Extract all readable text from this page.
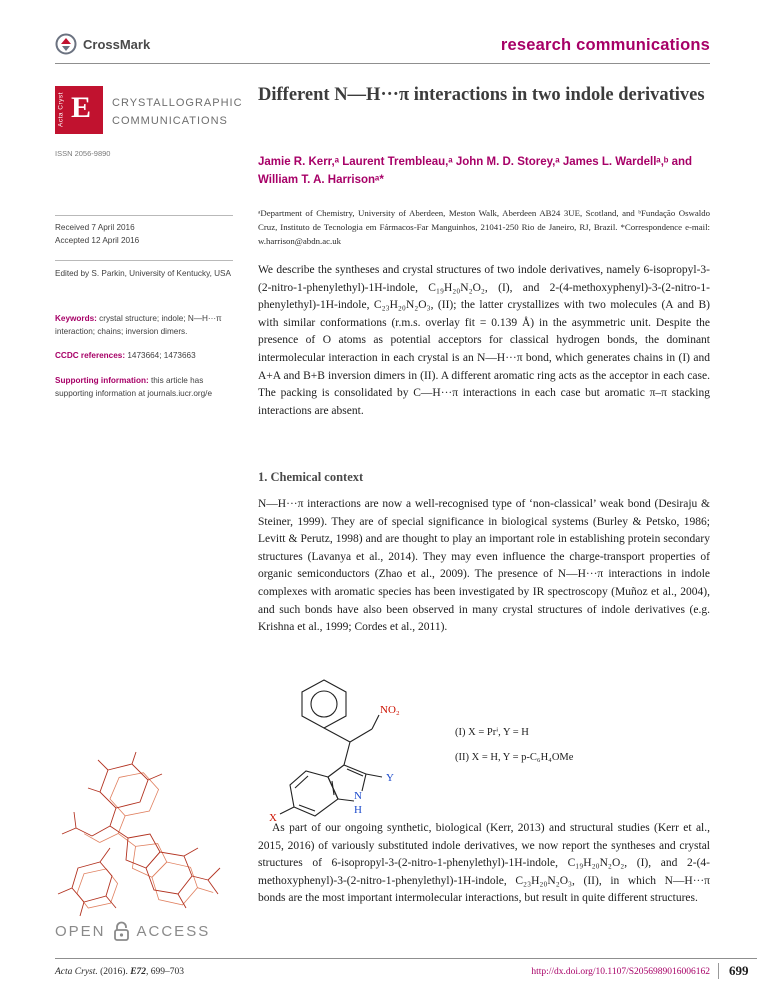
CrossMark	research communications
Acta Cryst E CRYSTALLOGRAPHIC
COMMUNICATIONS
ISSN 2056-9890
Received 7 April 2016
Accepted 12 April 2016
Edited by S. Parkin, University of Kentucky, USA
Keywords: crystal structure; indole; N—H···π interaction; chains; inversion dimers.
CCDC references: 1473664; 1473663
Supporting information: this article has supporting information at journals.iucr.org/e
Different N—H···π interactions in two indole derivatives
Jamie R. Kerr,ᵃ Laurent Trembleau,ᵃ John M. D. Storey,ᵃ James L. Wardellᵃ,ᵇ and William T. A. Harrisonᵃ*
ᵃDepartment of Chemistry, University of Aberdeen, Meston Walk, Aberdeen AB24 3UE, Scotland, and ᵇFundação Oswaldo Cruz, Instituto de Tecnologia em Fármacos-Far Manguinhos, 21041-250 Rio de Janeiro, RJ, Brazil. *Correspondence e-mail: w.harrison@abdn.ac.uk
We describe the syntheses and crystal structures of two indole derivatives, namely 6-isopropyl-3-(2-nitro-1-phenylethyl)-1H-indole, C₁₉H₂₀N₂O₂, (I), and 2-(4-methoxyphenyl)-3-(2-nitro-1-phenylethyl)-1H-indole, C₂₃H₂₀N₂O₃, (II); the latter crystallizes with two molecules (A and B) with similar conformations (r.m.s. overlay fit = 0.139 Å) in the asymmetric unit. Despite the presence of O atoms as potential acceptors for classical hydrogen bonds, the dominant intermolecular interaction in each crystal is an N—H···π bond, which generates chains in (I) and A+A and B+B inversion dimers in (II). A different aromatic ring acts as the acceptor in each case. The packing is consolidated by C—H···π interactions in each case but aromatic π–π stacking interactions are absent.
1. Chemical context
N—H···π interactions are now a well-recognised type of ‘non-classical’ weak bond (Desiraju & Steiner, 1999). They are of special significance in biological systems (Burley & Petsko, 1986; Levitt & Perutz, 1998) and are thought to play an important role in establishing protein secondary structures (Lavanya et al., 2014). They may even influence the charge-transport properties of organic semiconductors (Zhao et al., 2009). The presence of N—H···π interactions in indole complexes with aromatic species has been investigated by IR spectroscopy (Muñoz et al., 2004), and such bonds have also been observed in many crystal structures of indole derivatives (e.g. Krishna et al., 1999; Cordes et al., 2011).
NO₂
X
Y
N
H
(I) X = Prⁱ, Y = H
(II) X = H, Y = p-C₆H₄OMe
As part of our ongoing synthetic, biological (Kerr, 2013) and structural studies (Kerr et al., 2015, 2016) of variously substituted indole derivatives, we now report the syntheses and crystal structures of 6-isopropyl-3-(2-nitro-1-phenylethyl)-1H-indole, C₁₉H₂₀N₂O₂, (I), and 2-(4-methoxyphenyl)-3-(2-nitro-1-phenylethyl)-1H-indole, C₂₃H₂₀N₂O₃, (II), in which N—H···π bonds are the most important intermolecular interactions, but result in quite different structures.
OPEN ACCESS
Acta Cryst. (2016). E72, 699–703	http://dx.doi.org/10.1107/S2056989016006162	699
